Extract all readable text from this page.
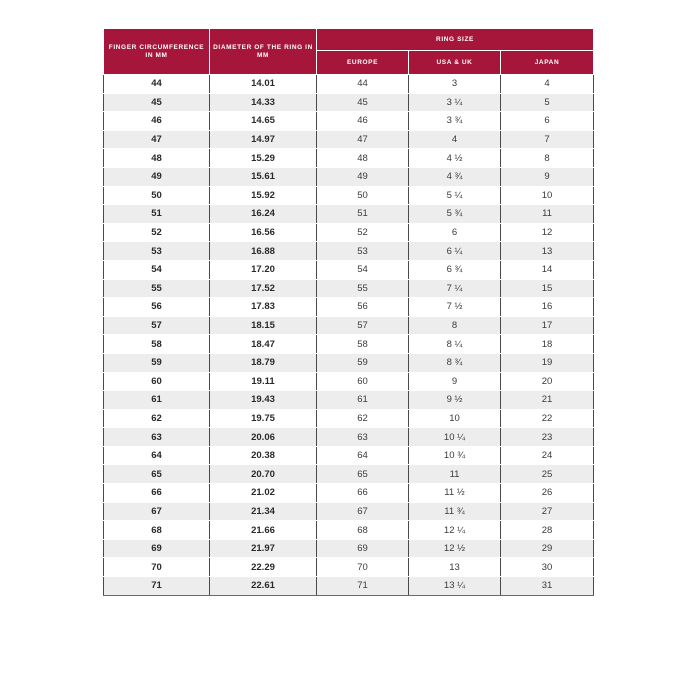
FINGER CIRCUMFERENCE IN MM	DIAMETER OF THE RING IN MM	RING SIZE		
		EUROPE	USA & UK	JAPAN
44	14.01	44	3	4
45	14.33	45	3 ¼	5
46	14.65	46	3 ¾	6
47	14.97	47	4	7
48	15.29	48	4 ½	8
49	15.61	49	4 ¾	9
50	15.92	50	5 ¼	10
51	16.24	51	5 ¾	11
52	16.56	52	6	12
53	16.88	53	6 ¼	13
54	17.20	54	6 ¾	14
55	17.52	55	7 ¼	15
56	17.83	56	7 ½	16
57	18.15	57	8	17
58	18.47	58	8 ¼	18
59	18.79	59	8 ¾	19
60	19.11	60	9	20
61	19.43	61	9 ½	21
62	19.75	62	10	22
63	20.06	63	10 ¼	23
64	20.38	64	10 ¾	24
65	20.70	65	11	25
66	21.02	66	11 ½	26
67	21.34	67	11 ¾	27
68	21.66	68	12 ¼	28
69	21.97	69	12 ½	29
70	22.29	70	13	30
71	22.61	71	13 ¼	31
